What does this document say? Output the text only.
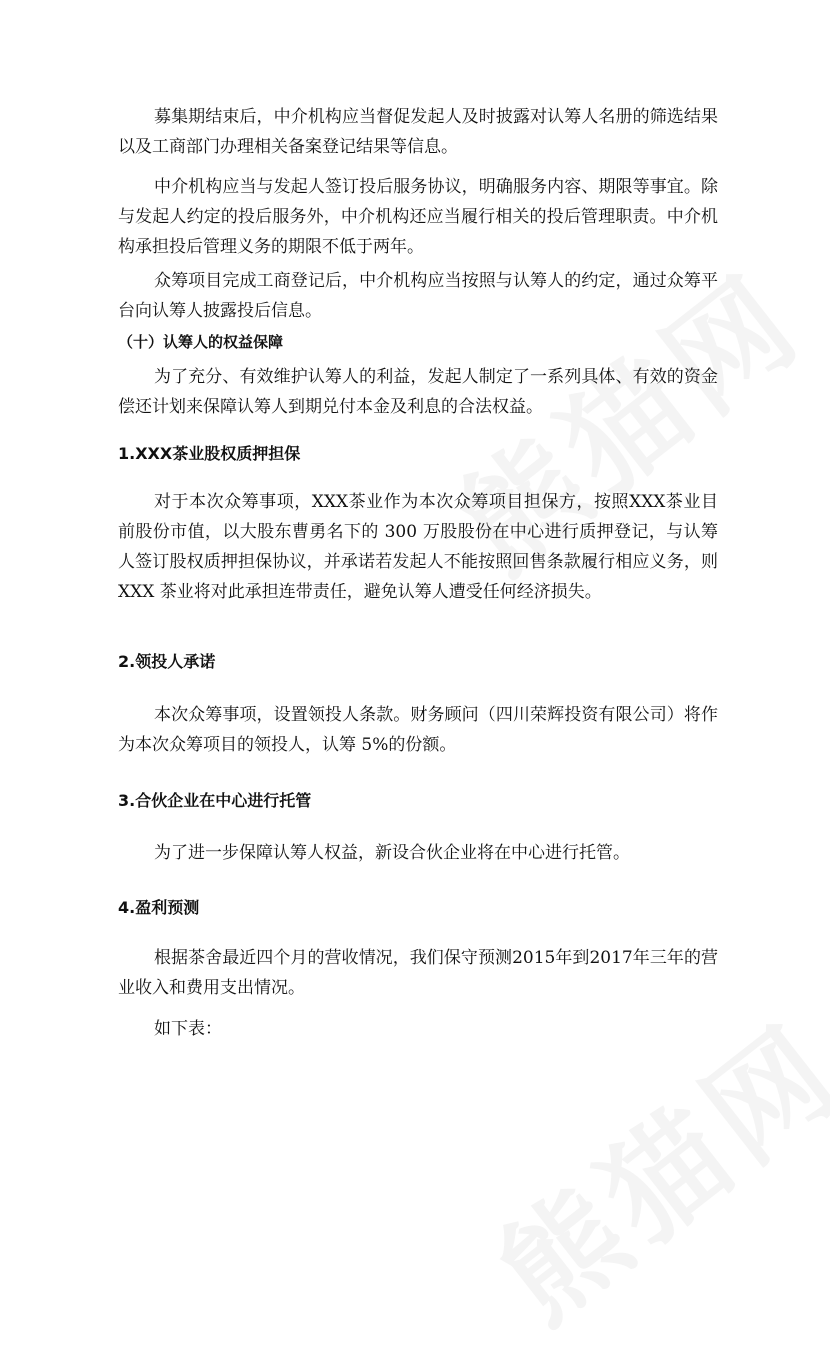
募集期结束后，中介机构应当督促发起人及时披露对认筹人名册的筛选结果以及工商部门办理相关备案登记结果等信息。

中介机构应当与发起人签订投后服务协议，明确服务内容、期限等事宜。除与发起人约定的投后服务外，中介机构还应当履行相关的投后管理职责。中介机构承担投后管理义务的期限不低于两年。

众筹项目完成工商登记后，中介机构应当按照与认筹人的约定，通过众筹平台向认筹人披露投后信息。

（十）认筹人的权益保障

为了充分、有效维护认筹人的利益，发起人制定了一系列具体、有效的资金偿还计划来保障认筹人到期兑付本金及利息的合法权益。

1.XXX茶业股权质押担保

对于本次众筹事项，XXX茶业作为本次众筹项目担保方，按照XXX茶业目前股份市值，以大股东曹勇名下的 300 万股股份在中心进行质押登记，与认筹人签订股权质押担保协议，并承诺若发起人不能按照回售条款履行相应义务，则 XXX 茶业将对此承担连带责任，避免认筹人遭受任何经济损失。

2.领投人承诺

本次众筹事项，设置领投人条款。财务顾问（四川荣辉投资有限公司）将作为本次众筹项目的领投人，认筹 5%的份额。

3.合伙企业在中心进行托管

为了进一步保障认筹人权益，新设合伙企业将在中心进行托管。

4.盈利预测

根据茶舍最近四个月的营收情况，我们保守预测2015年到2017年三年的营业收入和费用支出情况。

如下表：
